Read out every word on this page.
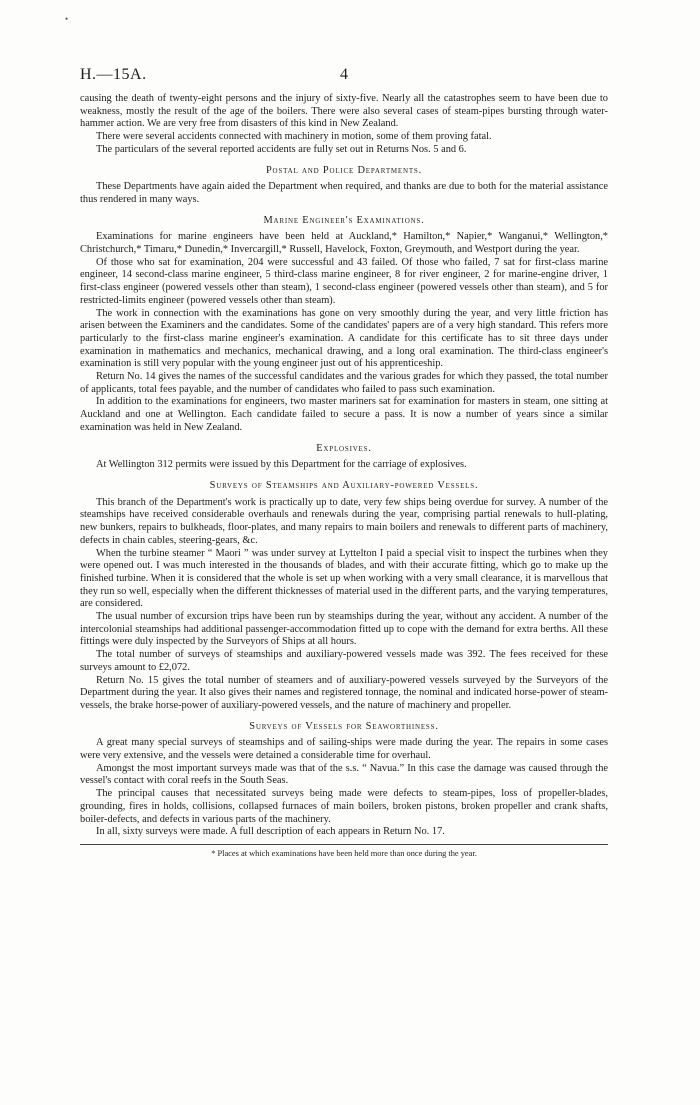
H.—15A.	4

causing the death of twenty-eight persons and the injury of sixty-five. Nearly all the catastrophes seem to have been due to weakness, mostly the result of the age of the boilers. There were also several cases of steam-pipes bursting through water-hammer action. We are very free from disasters of this kind in New Zealand.

There were several accidents connected with machinery in motion, some of them proving fatal.

The particulars of the several reported accidents are fully set out in Returns Nos. 5 and 6.

Postal and Police Departments.

These Departments have again aided the Department when required, and thanks are due to both for the material assistance thus rendered in many ways.

Marine Engineer's Examinations.

Examinations for marine engineers have been held at Auckland,* Hamilton,* Napier,* Wanganui,* Wellington,* Christchurch,* Timaru,* Dunedin,* Invercargill,* Russell, Havelock, Foxton, Greymouth, and Westport during the year.

Of those who sat for examination, 204 were successful and 43 failed. Of those who failed, 7 sat for first-class marine engineer, 14 second-class marine engineer, 5 third-class marine engineer, 8 for river engineer, 2 for marine-engine driver, 1 first-class engineer (powered vessels other than steam), 1 second-class engineer (powered vessels other than steam), and 5 for restricted-limits engineer (powered vessels other than steam).

The work in connection with the examinations has gone on very smoothly during the year, and very little friction has arisen between the Examiners and the candidates. Some of the candidates' papers are of a very high standard. This refers more particularly to the first-class marine engineer's examination. A candidate for this certificate has to sit three days under examination in mathematics and mechanics, mechanical drawing, and a long oral examination. The third-class engineer's examination is still very popular with the young engineer just out of his apprenticeship.

Return No. 14 gives the names of the successful candidates and the various grades for which they passed, the total number of applicants, total fees payable, and the number of candidates who failed to pass such examination.

In addition to the examinations for engineers, two master mariners sat for examination for masters in steam, one sitting at Auckland and one at Wellington. Each candidate failed to secure a pass. It is now a number of years since a similar examination was held in New Zealand.

Explosives.

At Wellington 312 permits were issued by this Department for the carriage of explosives.

Surveys of Steamships and Auxiliary-powered Vessels.

This branch of the Department's work is practically up to date, very few ships being overdue for survey. A number of the steamships have received considerable overhauls and renewals during the year, comprising partial renewals to hull-plating, new bunkers, repairs to bulkheads, floor-plates, and many repairs to main boilers and renewals to different parts of machinery, defects in chain cables, steering-gears, &c.

When the turbine steamer “ Maori ” was under survey at Lyttelton I paid a special visit to inspect the turbines when they were opened out. I was much interested in the thousands of blades, and with their accurate fitting, which go to make up the finished turbine. When it is considered that the whole is set up when working with a very small clearance, it is marvellous that they run so well, especially when the different thicknesses of material used in the different parts, and the varying temperatures, are considered.

The usual number of excursion trips have been run by steamships during the year, without any accident. A number of the intercolonial steamships had additional passenger-accommodation fitted up to cope with the demand for extra berths. All these fittings were duly inspected by the Surveyors of Ships at all hours.

The total number of surveys of steamships and auxiliary-powered vessels made was 392. The fees received for these surveys amount to £2,072.

Return No. 15 gives the total number of steamers and of auxiliary-powered vessels surveyed by the Surveyors of the Department during the year. It also gives their names and registered tonnage, the nominal and indicated horse-power of steam-vessels, the brake horse-power of auxiliary-powered vessels, and the nature of machinery and propeller.

Surveys of Vessels for Seaworthiness.

A great many special surveys of steamships and of sailing-ships were made during the year. The repairs in some cases were very extensive, and the vessels were detained a considerable time for overhaul.

Amongst the most important surveys made was that of the s.s. “ Navua.” In this case the damage was caused through the vessel's contact with coral reefs in the South Seas.

The principal causes that necessitated surveys being made were defects to steam-pipes, loss of propeller-blades, grounding, fires in holds, collisions, collapsed furnaces of main boilers, broken pistons, broken propeller and crank shafts, boiler-defects, and defects in various parts of the machinery.

In all, sixty surveys were made. A full description of each appears in Return No. 17.

* Places at which examinations have been held more than once during the year.
•
